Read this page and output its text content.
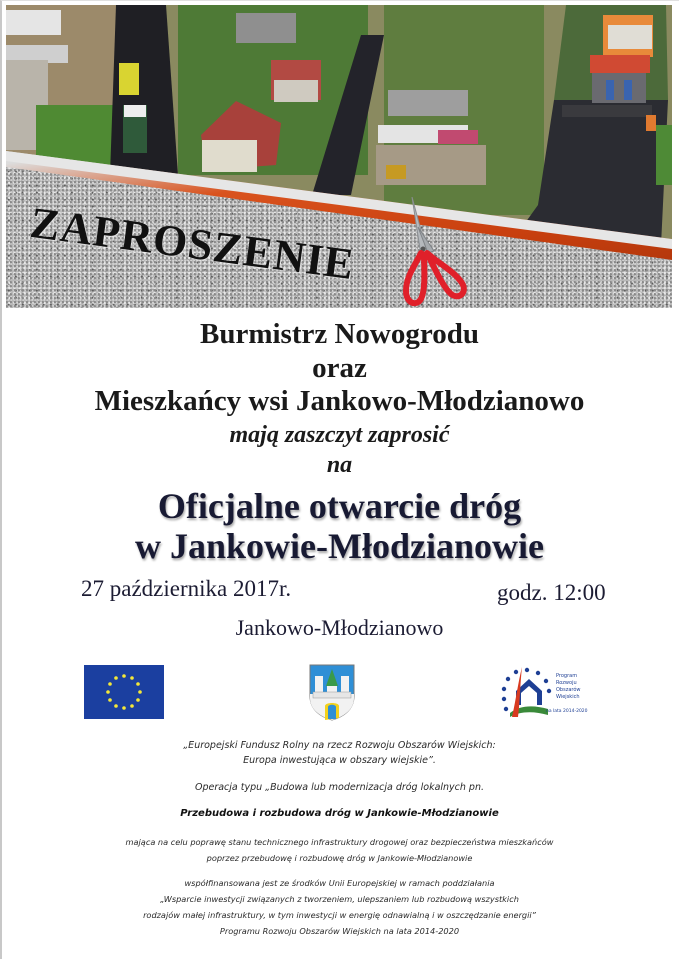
ZAPROSZENIE
Burmistrz Nowogrodu
oraz
Mieszkańcy wsi Jankowo-Młodzianowo
mają zaszczyt zaprosić
na
Oficjalne otwarcie dróg
w Jankowie-Młodzianowie
27 października 2017r.	godz. 12:00
Jankowo-Młodzianowo
Program
Rozwoju
Obszarów
Wiejskich
na lata 2014-2020
„Europejski Fundusz Rolny na rzecz Rozwoju Obszarów Wiejskich:
Europa inwestująca w obszary wiejskie”.
Operacja typu „Budowa lub modernizacja dróg lokalnych pn.
Przebudowa i rozbudowa dróg w Jankowie-Młodzianowie
mająca na celu poprawę stanu technicznego infrastruktury drogowej oraz bezpieczeństwa mieszkańców
poprzez przebudowę i rozbudowę dróg w Jankowie-Młodzianowie
współfinansowana jest ze środków Unii Europejskiej w ramach poddziałania
„Wsparcie inwestycji związanych z tworzeniem, ulepszaniem lub rozbudową wszystkich
rodzajów małej infrastruktury, w tym inwestycji w energię odnawialną i w oszczędzanie energii”
Programu Rozwoju Obszarów Wiejskich na lata 2014-2020
